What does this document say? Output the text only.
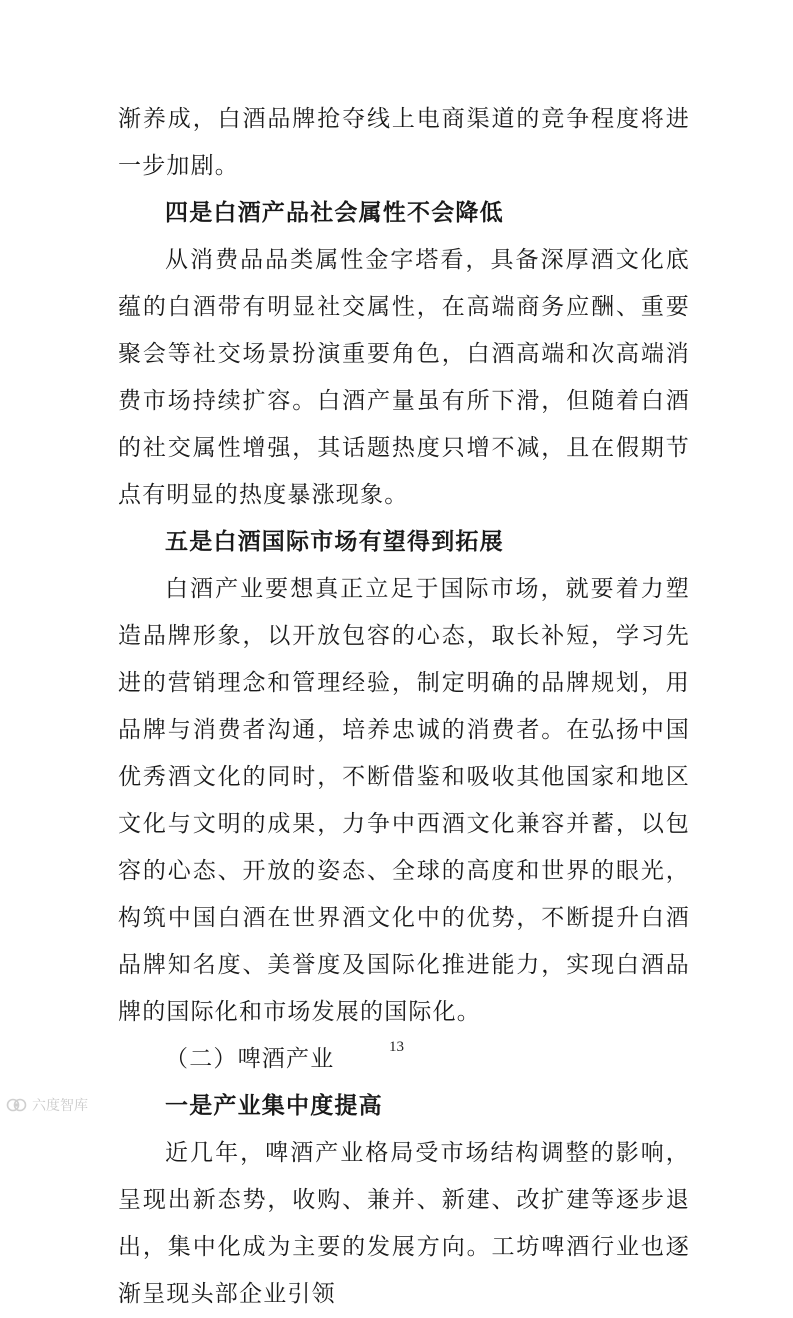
渐养成，白酒品牌抢夺线上电商渠道的竞争程度将进一步加剧。

四是白酒产品社会属性不会降低

从消费品品类属性金字塔看，具备深厚酒文化底蕴的白酒带有明显社交属性，在高端商务应酬、重要聚会等社交场景扮演重要角色，白酒高端和次高端消费市场持续扩容。白酒产量虽有所下滑，但随着白酒的社交属性增强，其话题热度只增不减，且在假期节点有明显的热度暴涨现象。

五是白酒国际市场有望得到拓展

白酒产业要想真正立足于国际市场，就要着力塑造品牌形象，以开放包容的心态，取长补短，学习先进的营销理念和管理经验，制定明确的品牌规划，用品牌与消费者沟通，培养忠诚的消费者。在弘扬中国优秀酒文化的同时，不断借鉴和吸收其他国家和地区文化与文明的成果，力争中西酒文化兼容并蓄，以包容的心态、开放的姿态、全球的高度和世界的眼光，构筑中国白酒在世界酒文化中的优势，不断提升白酒品牌知名度、美誉度及国际化推进能力，实现白酒品牌的国际化和市场发展的国际化。

（二）啤酒产业

一是产业集中度提高

近几年，啤酒产业格局受市场结构调整的影响，呈现出新态势，收购、兼并、新建、改扩建等逐步退出，集中化成为主要的发展方向。工坊啤酒行业也逐渐呈现头部企业引领

13
六度智库
